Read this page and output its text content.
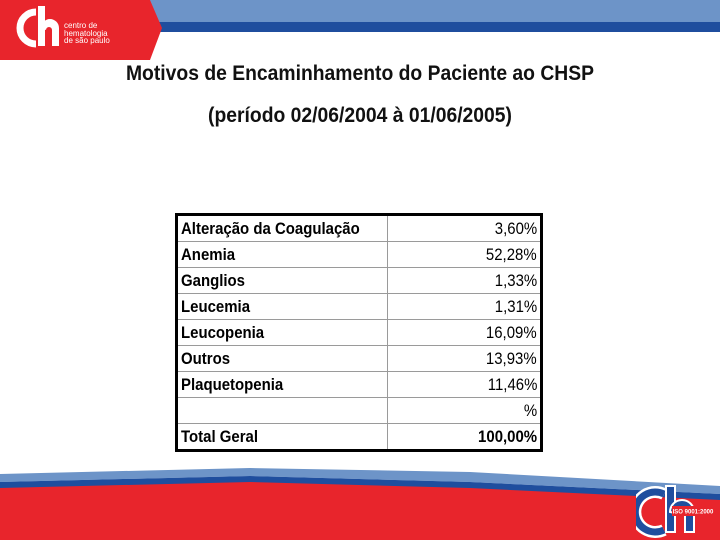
centro de
hematologia
de são paulo
Motivos de Encaminhamento do Paciente ao CHSP
(período 02/06/2004 à 01/06/2005)
Alteração da Coagulação	3,60%
Anemia	52,28%
Ganglios	1,33%
Leucemia	1,31%
Leucopenia	16,09%
Outros	13,93%
Plaquetopenia	11,46%
	%
Total Geral	100,00%
ISO 9001:2000
